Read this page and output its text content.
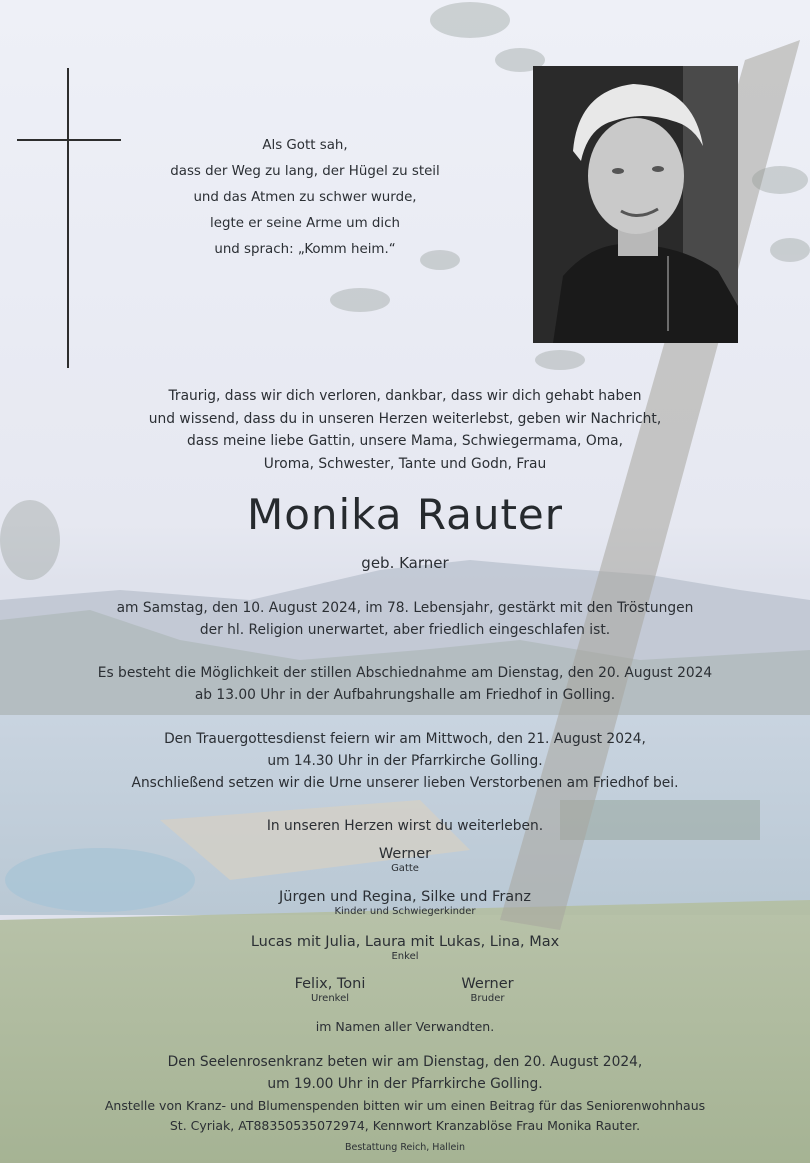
Als Gott sah,
dass der Weg zu lang, der Hügel zu steil
und das Atmen zu schwer wurde,
legte er seine Arme um dich
und sprach: „Komm heim.“
Traurig, dass wir dich verloren, dankbar, dass wir dich gehabt haben
und wissend, dass du in unseren Herzen weiterlebst, geben wir Nachricht,
dass meine liebe Gattin, unsere Mama, Schwiegermama, Oma,
Uroma, Schwester, Tante und Godn, Frau
Monika Rauter
geb. Karner
am Samstag, den 10. August 2024, im 78. Lebensjahr, gestärkt mit den Tröstungen
der hl. Religion unerwartet, aber friedlich eingeschlafen ist.
Es besteht die Möglichkeit der stillen Abschiednahme am Dienstag, den 20. August 2024
ab 13.00 Uhr in der Aufbahrungshalle am Friedhof in Golling.
Den Trauergottesdienst feiern wir am Mittwoch, den 21. August 2024,
um 14.30 Uhr in der Pfarrkirche Golling.
Anschließend setzen wir die Urne unserer lieben Verstorbenen am Friedhof bei.
In unseren Herzen wirst du weiterleben.
Werner
Gatte
Jürgen und Regina, Silke und Franz
Kinder und Schwiegerkinder
Lucas mit Julia, Laura mit Lukas, Lina, Max
Enkel
Felix, Toni
Urenkel
Werner
Bruder
im Namen aller Verwandten.
Den Seelenrosenkranz beten wir am Dienstag, den 20. August 2024,
um 19.00 Uhr in der Pfarrkirche Golling.
Anstelle von Kranz- und Blumenspenden bitten wir um einen Beitrag für das Seniorenwohnhaus
St. Cyriak, AT88350535072974, Kennwort Kranzablöse Frau Monika Rauter.
Bestattung Reich, Hallein
